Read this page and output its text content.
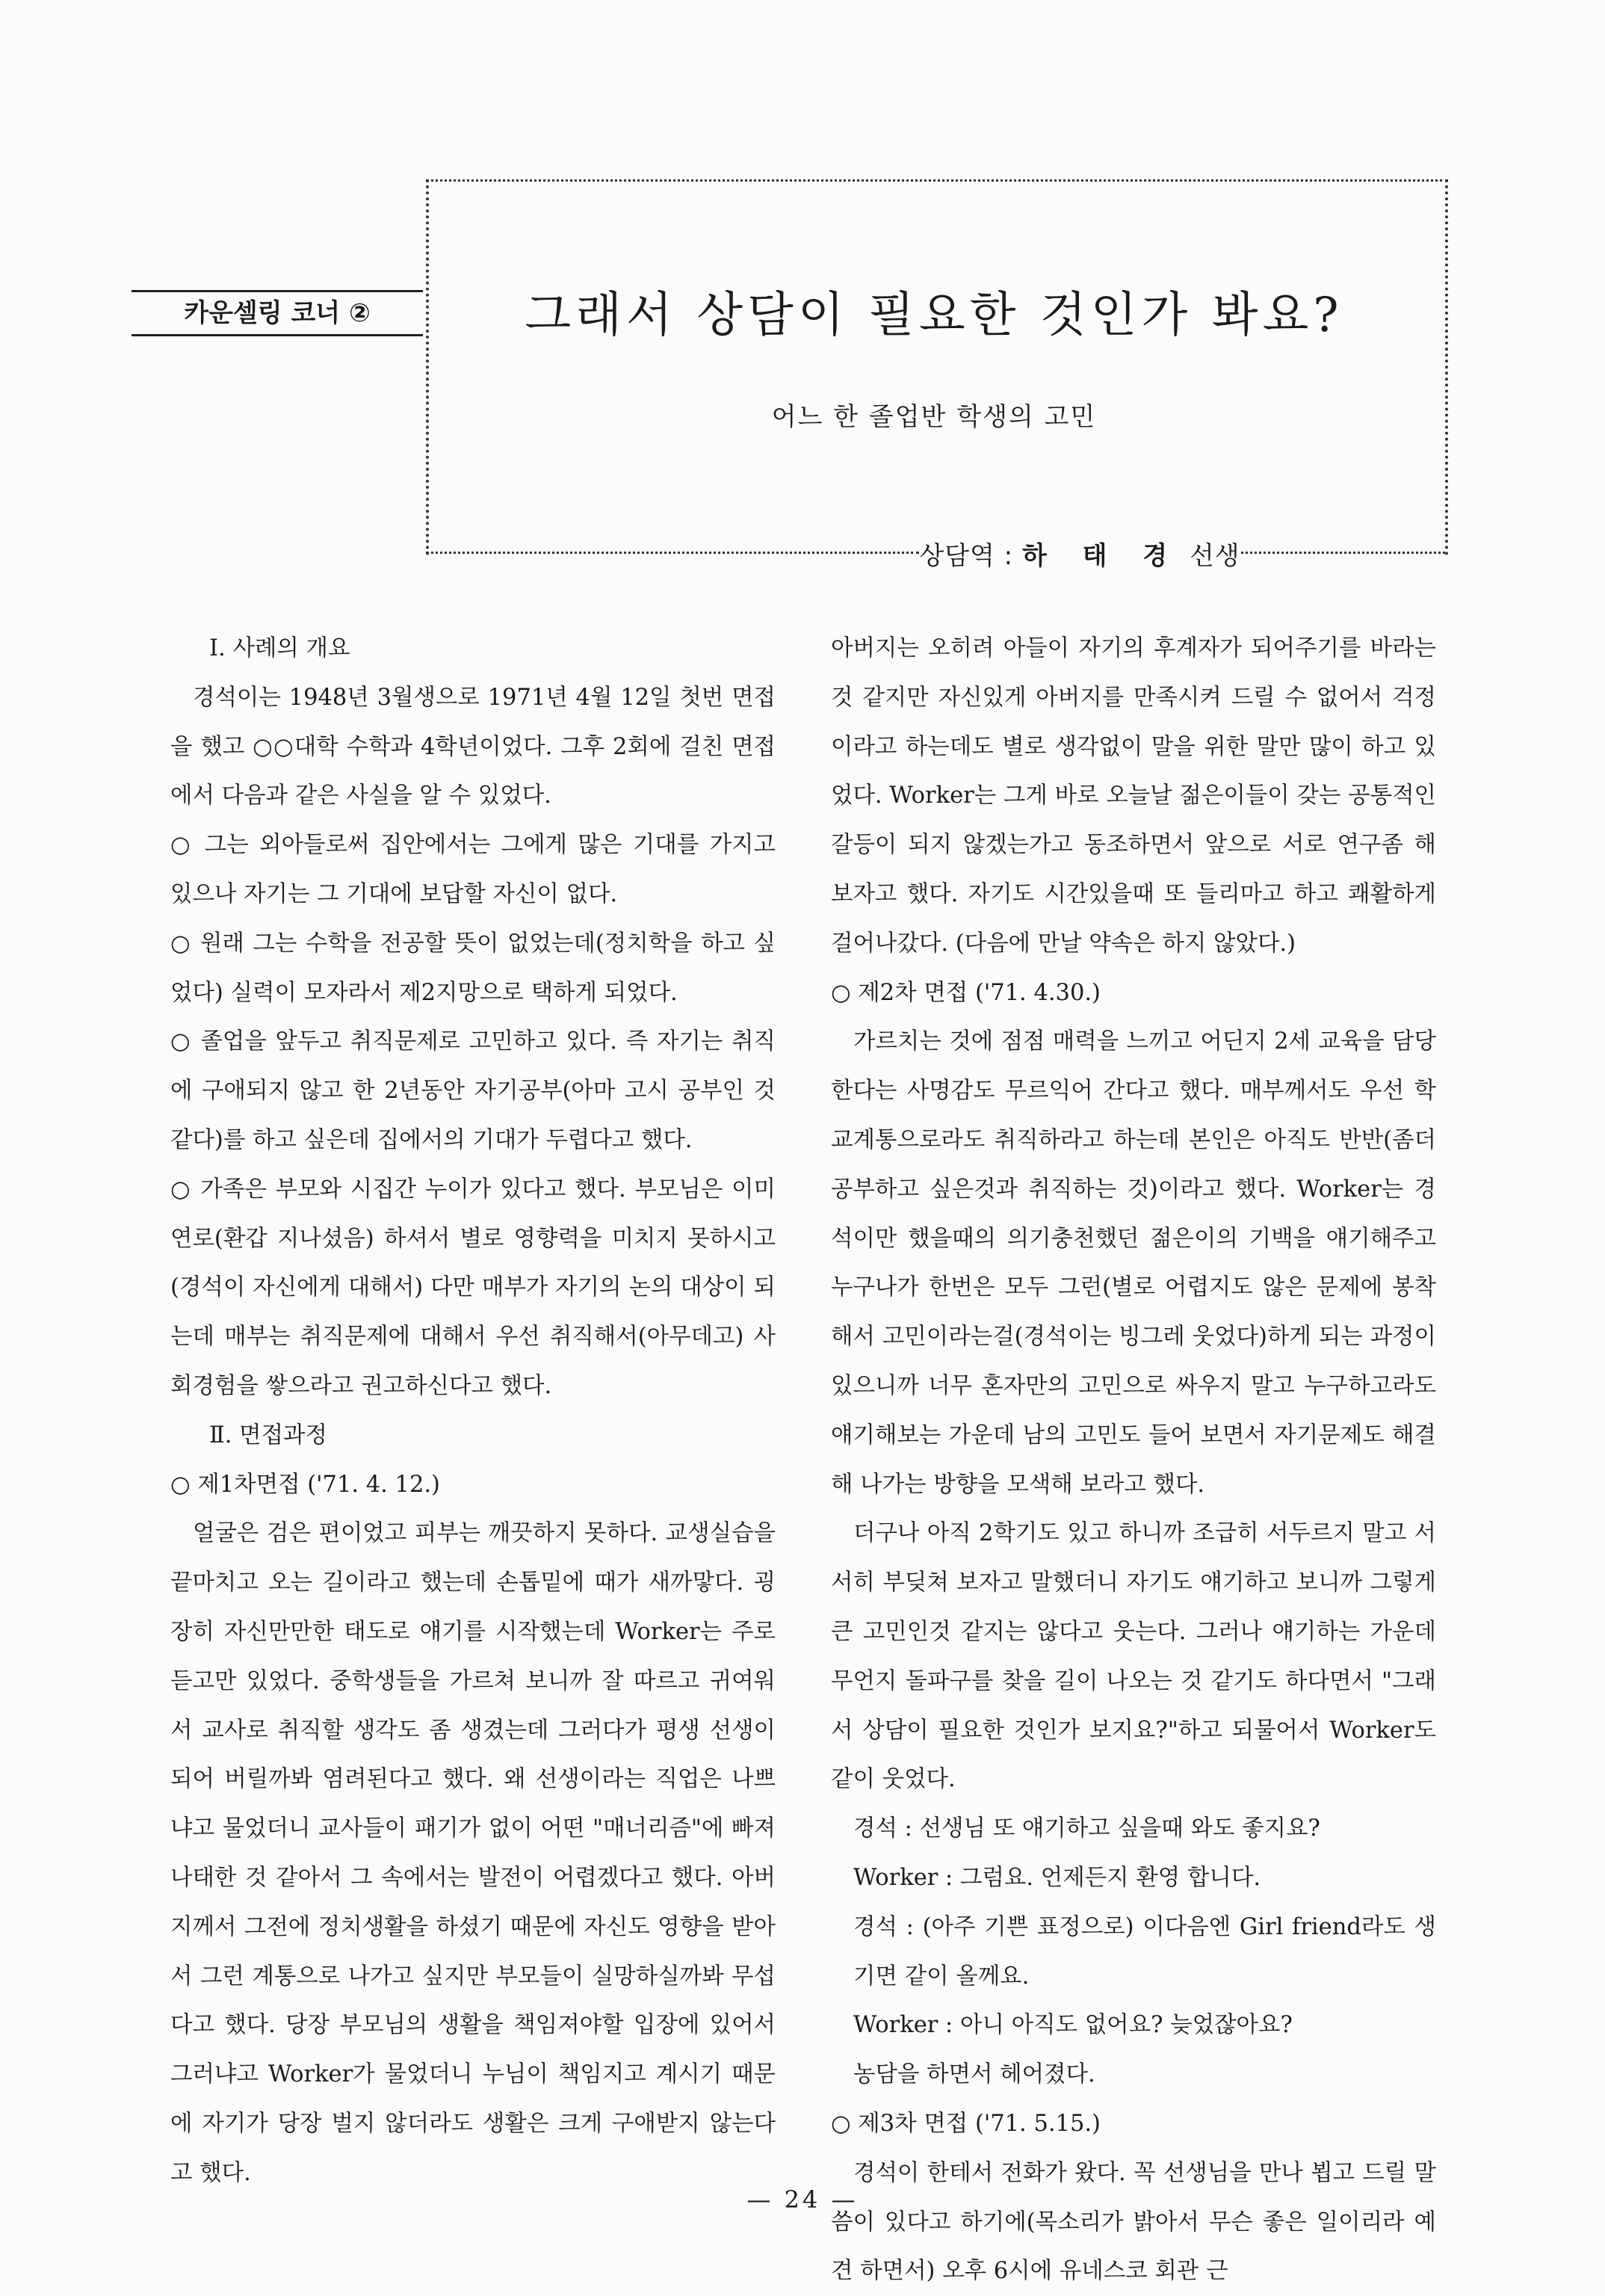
카운셀링 코너 ②	그래서 상담이 필요한 것인가 봐요?
어느 한 졸업반 학생의 고민
상담역 : 하 태 경 선생

Ⅰ. 사례의 개요

경석이는 1948년 3월생으로 1971년 4월 12일 첫번 면접을 했고 ○○대학 수학과 4학년이었다. 그후 2회에 걸친 면접에서 다음과 같은 사실을 알 수 있었다.

○ 그는 외아들로써 집안에서는 그에게 많은 기대를 가지고 있으나 자기는 그 기대에 보답할 자신이 없다.

○ 원래 그는 수학을 전공할 뜻이 없었는데(정치학을 하고 싶었다) 실력이 모자라서 제2지망으로 택하게 되었다.

○ 졸업을 앞두고 취직문제로 고민하고 있다. 즉 자기는 취직에 구애되지 않고 한 2년동안 자기공부(아마 고시 공부인 것 같다)를 하고 싶은데 집에서의 기대가 두렵다고 했다.

○ 가족은 부모와 시집간 누이가 있다고 했다. 부모님은 이미 연로(환갑 지나셨음) 하셔서 별로 영향력을 미치지 못하시고 (경석이 자신에게 대해서) 다만 매부가 자기의 논의 대상이 되는데 매부는 취직문제에 대해서 우선 취직해서(아무데고) 사회경험을 쌓으라고 권고하신다고 했다.

Ⅱ. 면접과정

○ 제1차면접 ('71. 4. 12.)

얼굴은 검은 편이었고 피부는 깨끗하지 못하다. 교생실습을 끝마치고 오는 길이라고 했는데 손톱밑에 때가 새까맣다. 굉장히 자신만만한 태도로 얘기를 시작했는데 Worker는 주로 듣고만 있었다. 중학생들을 가르쳐 보니까 잘 따르고 귀여워서 교사로 취직할 생각도 좀 생겼는데 그러다가 평생 선생이 되어 버릴까봐 염려된다고 했다. 왜 선생이라는 직업은 나쁘냐고 물었더니 교사들이 패기가 없이 어떤 "매너리즘"에 빠져 나태한 것 같아서 그 속에서는 발전이 어렵겠다고 했다. 아버지께서 그전에 정치생활을 하셨기 때문에 자신도 영향을 받아서 그런 계통으로 나가고 싶지만 부모들이 실망하실까봐 무섭다고 했다. 당장 부모님의 생활을 책임져야할 입장에 있어서 그러냐고 Worker가 물었더니 누님이 책임지고 계시기 때문에 자기가 당장 벌지 않더라도 생활은 크게 구애받지 않는다고 했다.

아버지는 오히려 아들이 자기의 후계자가 되어주기를 바라는것 같지만 자신있게 아버지를 만족시켜 드릴 수 없어서 걱정이라고 하는데도 별로 생각없이 말을 위한 말만 많이 하고 있었다. Worker는 그게 바로 오늘날 젊은이들이 갖는 공통적인 갈등이 되지 않겠는가고 동조하면서 앞으로 서로 연구좀 해 보자고 했다. 자기도 시간있을때 또 들리마고 하고 쾌활하게 걸어나갔다. (다음에 만날 약속은 하지 않았다.)

○ 제2차 면접 ('71. 4.30.)

가르치는 것에 점점 매력을 느끼고 어딘지 2세 교육을 담당한다는 사명감도 무르익어 간다고 했다. 매부께서도 우선 학교계통으로라도 취직하라고 하는데 본인은 아직도 반반(좀더 공부하고 싶은것과 취직하는 것)이라고 했다. Worker는 경석이만 했을때의 의기충천했던 젊은이의 기백을 얘기해주고 누구나가 한번은 모두 그런(별로 어렵지도 않은 문제에 봉착해서 고민이라는걸(경석이는 빙그레 웃었다)하게 되는 과정이 있으니까 너무 혼자만의 고민으로 싸우지 말고 누구하고라도 얘기해보는 가운데 남의 고민도 들어 보면서 자기문제도 해결해 나가는 방향을 모색해 보라고 했다.

더구나 아직 2학기도 있고 하니까 조급히 서두르지 말고 서서히 부딪쳐 보자고 말했더니 자기도 얘기하고 보니까 그렇게 큰 고민인것 같지는 않다고 웃는다. 그러나 얘기하는 가운데 무언지 돌파구를 찾을 길이 나오는 것 같기도 하다면서 "그래서 상담이 필요한 것인가 보지요?"하고 되물어서 Worker도 같이 웃었다.

경석 : 선생님 또 얘기하고 싶을때 와도 좋지요?

Worker : 그럼요. 언제든지 환영 합니다.

경석 : (아주 기쁜 표정으로) 이다음엔 Girl friend라도 생기면 같이 올께요.

Worker : 아니 아직도 없어요? 늦었잖아요?

농담을 하면서 헤어졌다.

○ 제3차 면접 ('71. 5.15.)

경석이 한테서 전화가 왔다. 꼭 선생님을 만나 뵙고 드릴 말씀이 있다고 하기에(목소리가 밝아서 무슨 좋은 일이리라 예견 하면서) 오후 6시에 유네스코 회관 근

— 24 —
